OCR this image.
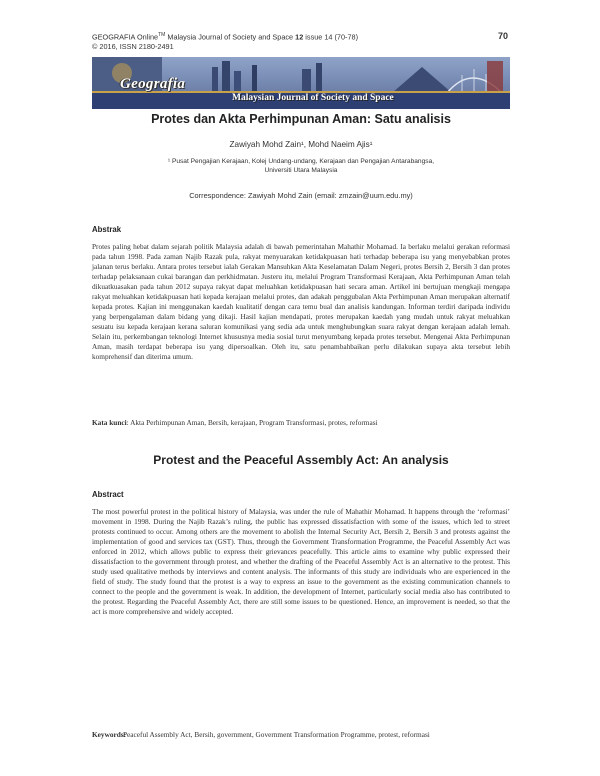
GEOGRAFIA Online™ Malaysia Journal of Society and Space 12 issue 14 (70-78)
© 2016, ISSN 2180-2491
70
Geografia
Malaysian Journal of Society and Space
Protes dan Akta Perhimpunan Aman: Satu analisis
Zawiyah Mohd Zain¹, Mohd Naeim Ajis¹
¹ Pusat Pengajian Kerajaan, Kolej Undang-undang, Kerajaan dan Pengajian Antarabangsa,
Universiti Utara Malaysia
Correspondence: Zawiyah Mohd Zain (email: zmzain@uum.edu.my)
Abstrak
Protes paling hebat dalam sejarah politik Malaysia adalah di bawah pemerintahan Mahathir Mohamad. Ia berlaku melalui gerakan reformasi pada tahun 1998. Pada zaman Najib Razak pula, rakyat menyuarakan ketidakpuasan hati terhadap beberapa isu yang menyebabkan protes jalanan terus berlaku. Antara protes tersebut ialah Gerakan Mansuhkan Akta Keselamatan Dalam Negeri, protes Bersih 2, Bersih 3 dan protes terhadap pelaksanaan cukai barangan dan perkhidmatan. Justeru itu, melalui Program Transformasi Kerajaan, Akta Perhimpunan Aman telah dikuatkuasakan pada tahun 2012 supaya rakyat dapat meluahkan ketidakpuasan hati secara aman. Artikel ini bertujuan mengkaji mengapa rakyat meluahkan ketidakpuasan hati kepada kerajaan melalui protes, dan adakah penggubalan Akta Perhimpunan Aman merupakan alternatif kepada protes. Kajian ini menggunakan kaedah kualitatif dengan cara temu bual dan analisis kandungan. Informan terdiri daripada individu yang berpengalaman dalam bidang yang dikaji. Hasil kajian mendapati, protes merupakan kaedah yang mudah untuk rakyat meluahkan sesuatu isu kepada kerajaan kerana saluran komunikasi yang sedia ada untuk menghubungkan suara rakyat dengan kerajaan adalah lemah. Selain itu, perkembangan teknologi Internet khususnya media sosial turut menyumbang kepada protes tersebut. Mengenai Akta Perhimpunan Aman, masih terdapat beberapa isu yang dipersoalkan. Oleh itu, satu penambahbaikan perlu dilakukan supaya akta tersebut lebih komprehensif dan diterima umum.
Kata kunci: Akta Perhimpunan Aman, Bersih, kerajaan, Program Transformasi, protes, reformasi
Protest and the Peaceful Assembly Act: An analysis
Abstract
The most powerful protest in the political history of Malaysia, was under the rule of Mahathir Mohamad. It happens through the ‘reformasi’ movement in 1998. During the Najib Razak’s ruling, the public has expressed dissatisfaction with some of the issues, which led to street protests continued to occur. Among others are the movement to abolish the Internal Security Act, Bersih 2, Bersih 3 and protests against the implementation of good and services tax (GST). Thus, through the Government Transformation Programme, the Peaceful Assembly Act was enforced in 2012, which allows public to express their grievances peacefully. This article aims to examine why public expressed their dissatisfaction to the government through protest, and whether the drafting of the Peaceful Assembly Act is an alternative to the protest. This study used qualitative methods by interviews and content analysis. The informants of this study are individuals who are experienced in the field of study. The study found that the protest is a way to express an issue to the government as the existing communication channels to connect to the people and the government is weak. In addition, the development of Internet, particularly social media also has contributed to the protest. Regarding the Peaceful Assembly Act, there are still some issues to be questioned. Hence, an improvement is needed, so that the act is more comprehensive and widely accepted.
Keywords:
Peaceful Assembly Act, Bersih, government, Government Transformation Programme, protest, reformasi
